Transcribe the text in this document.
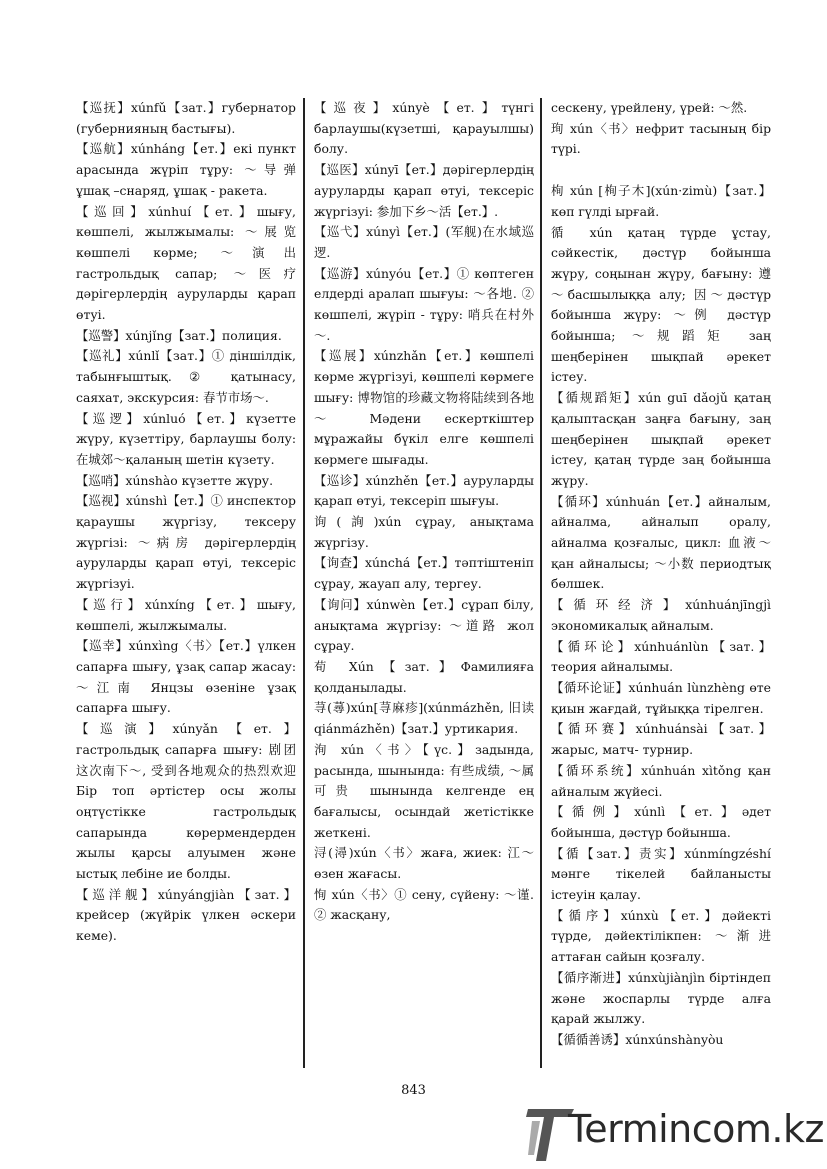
【巡抚】xúnfǔ【зат.】губернатор (губернияның бастығы).

【巡航】xúnháng【ет.】екі пункт арасында жүріп тұру: ～导弹 ұшақ –снаряд, ұшақ - ракета.

【巡回】xúnhuí【ет.】шығу, көшпелі, жылжымалы: ～展览 көшпелі көрме; ～演出 гастрольдық сапар; ～医疗 дәрігерлердің ауруларды қарап өтуі.

【巡警】xúnjǐng【зат.】полиция.

【巡礼】xúnlǐ【зат.】① діншілдік, табынғыштық. ② қатынасу, саяхат, экскурсия: 春节市场～.

【巡逻】xúnluó【ет.】күзетте жүру, күзеттіру, барлаушы болу: 在城郊～қаланың шетін күзету.

【巡哨】xúnshào күзетте жүру.

【巡视】xúnshì【ет.】① инспектор қараушы жүргізу, тексеру жүргізі: ～病房 дәрігерлердің ауруларды қарап өтуі, тексеріс жүргізуі.

【巡行】xúnxíng【ет.】шығу, көшпелі, жылжымалы.

【巡幸】xúnxìng〈书〉【ет.】үлкен сапарға шығу, ұзақ сапар жасау: ～江南 Янцзы өзеніне ұзақ сапарға шығу.

【巡演】xúnyǎn【ет.】гастрольдық сапарға шығу: 剧团这次南下～, 受到各地观众的热烈欢迎 Бір топ әртістер осы жолы оңтүстікке гастрольдық сапарында көрермендерден жылы қарсы алуымен және ыстық лебіне ие болды.

【巡洋舰】xúnyángjiàn【зат.】крейсер (жүйрік үлкен әскери кеме).

【巡夜】xúnyè【ет.】түнгі барлаушы(күзетші, қарауылшы) болу.

【巡医】xúnyī【ет.】дәрігерлердің ауруларды қарап өтуі, тексеріс жүргізуі: 参加下乡～活【ет.】.

【巡弋】xúnyì【ет.】(军舰)在水域巡逻.

【巡游】xúnyóu【ет.】① көптеген елдерді аралап шығуы: ～各地. ② көшпелі, жүріп - тұру: 哨兵在村外～.

【巡展】xúnzhǎn【ет.】көшпелі көрме жүргізуі, көшпелі көрмеге шығу: 博物馆的珍藏文物将陆续到各地～ Мәдени ескерткіштер мұражайы бүкіл елге көшпелі көрмеге шығады.

【巡诊】xúnzhěn【ет.】ауруларды қарап өтуі, тексеріп шығуы.

询(詢)xún сұрау, анықтама жүргізу.

【询查】xúnchá【ет.】тәптіштеніп сұрау, жауап алу, тергеу.

【询问】xúnwèn【ет.】сұрап білу, анықтама жүргізу: ～道路 жол сұрау.

荀 Xún【зат.】Фамилияға қолданылады.

荨(蕁)xún[荨麻疹](xúnmázhěn, 旧读 qiánmázhěn)【зат.】уртикария.

洵 xún〈书〉【үс.】задында, расында, шынында: 有些成绩, ～属可贵 шынында келгенде ең бағалысы, осындай жетістікке жеткені.

浔(潯)xún〈书〉жаға, жиек: 江～өзен жағасы.

恂 xún〈书〉① сену, сүйену: ～谨. ② жасқану,

сескену, үрейлену, үрей: ～然.

珣 xún〈书〉нефрит тасының бір түрі.

栒 xún [栒子木](xún·zimù)【зат.】көп гүлді ырғай.

循 xún қатаң түрде ұстау, сәйкестік, дәстүр бойынша жүру, соңынан жүру, бағыну: 遵～басшылыққа алу; 因～дәстүр бойынша жүру: ～例 дәстүр бойынша; ～规蹈矩 заң шеңберінен шықпай әрекет істеу.

【循规蹈矩】xún guī dǎojǔ қатаң қалыптасқан заңға бағыну, заң шеңберінен шықпай әрекет істеу, қатаң түрде заң бойынша жүру.

【循环】xúnhuán【ет.】айналым, айналма, айналып оралу, айналма қозғалыс, цикл: 血液～қан айналысы; ～小数 периодтық бөлшек.

【循环经济】xúnhuánjīngjì экономикалық айналым.

【循环论】xúnhuánlùn【зат.】теория айналымы.

【循环论证】xúnhuán lùnzhèng өте қиын жағдай, тұйыққа тірелген.

【循环赛】xúnhuánsài【зат.】жарыс, матч- турнир.

【循环系统】xúnhuán xìtǒng қан айналым жүйесі.

【循例】xúnlì【ет.】әдет бойынша, дәстүр бойынша.

【循【зат.】责实】xúnmíngzéshí мәнге тікелей байланысты істеуін қалау.

【循序】xúnxù【ет.】дәйекті түрде, дәйектілікпен: ～渐进 аттаған сайын қозғалу.

【循序渐进】xúnxùjiànjìn біртіндеп және жоспарлы түрде алға қарай жылжу.

【循循善诱】xúnxúnshànyòu

843
Termincom.kz
